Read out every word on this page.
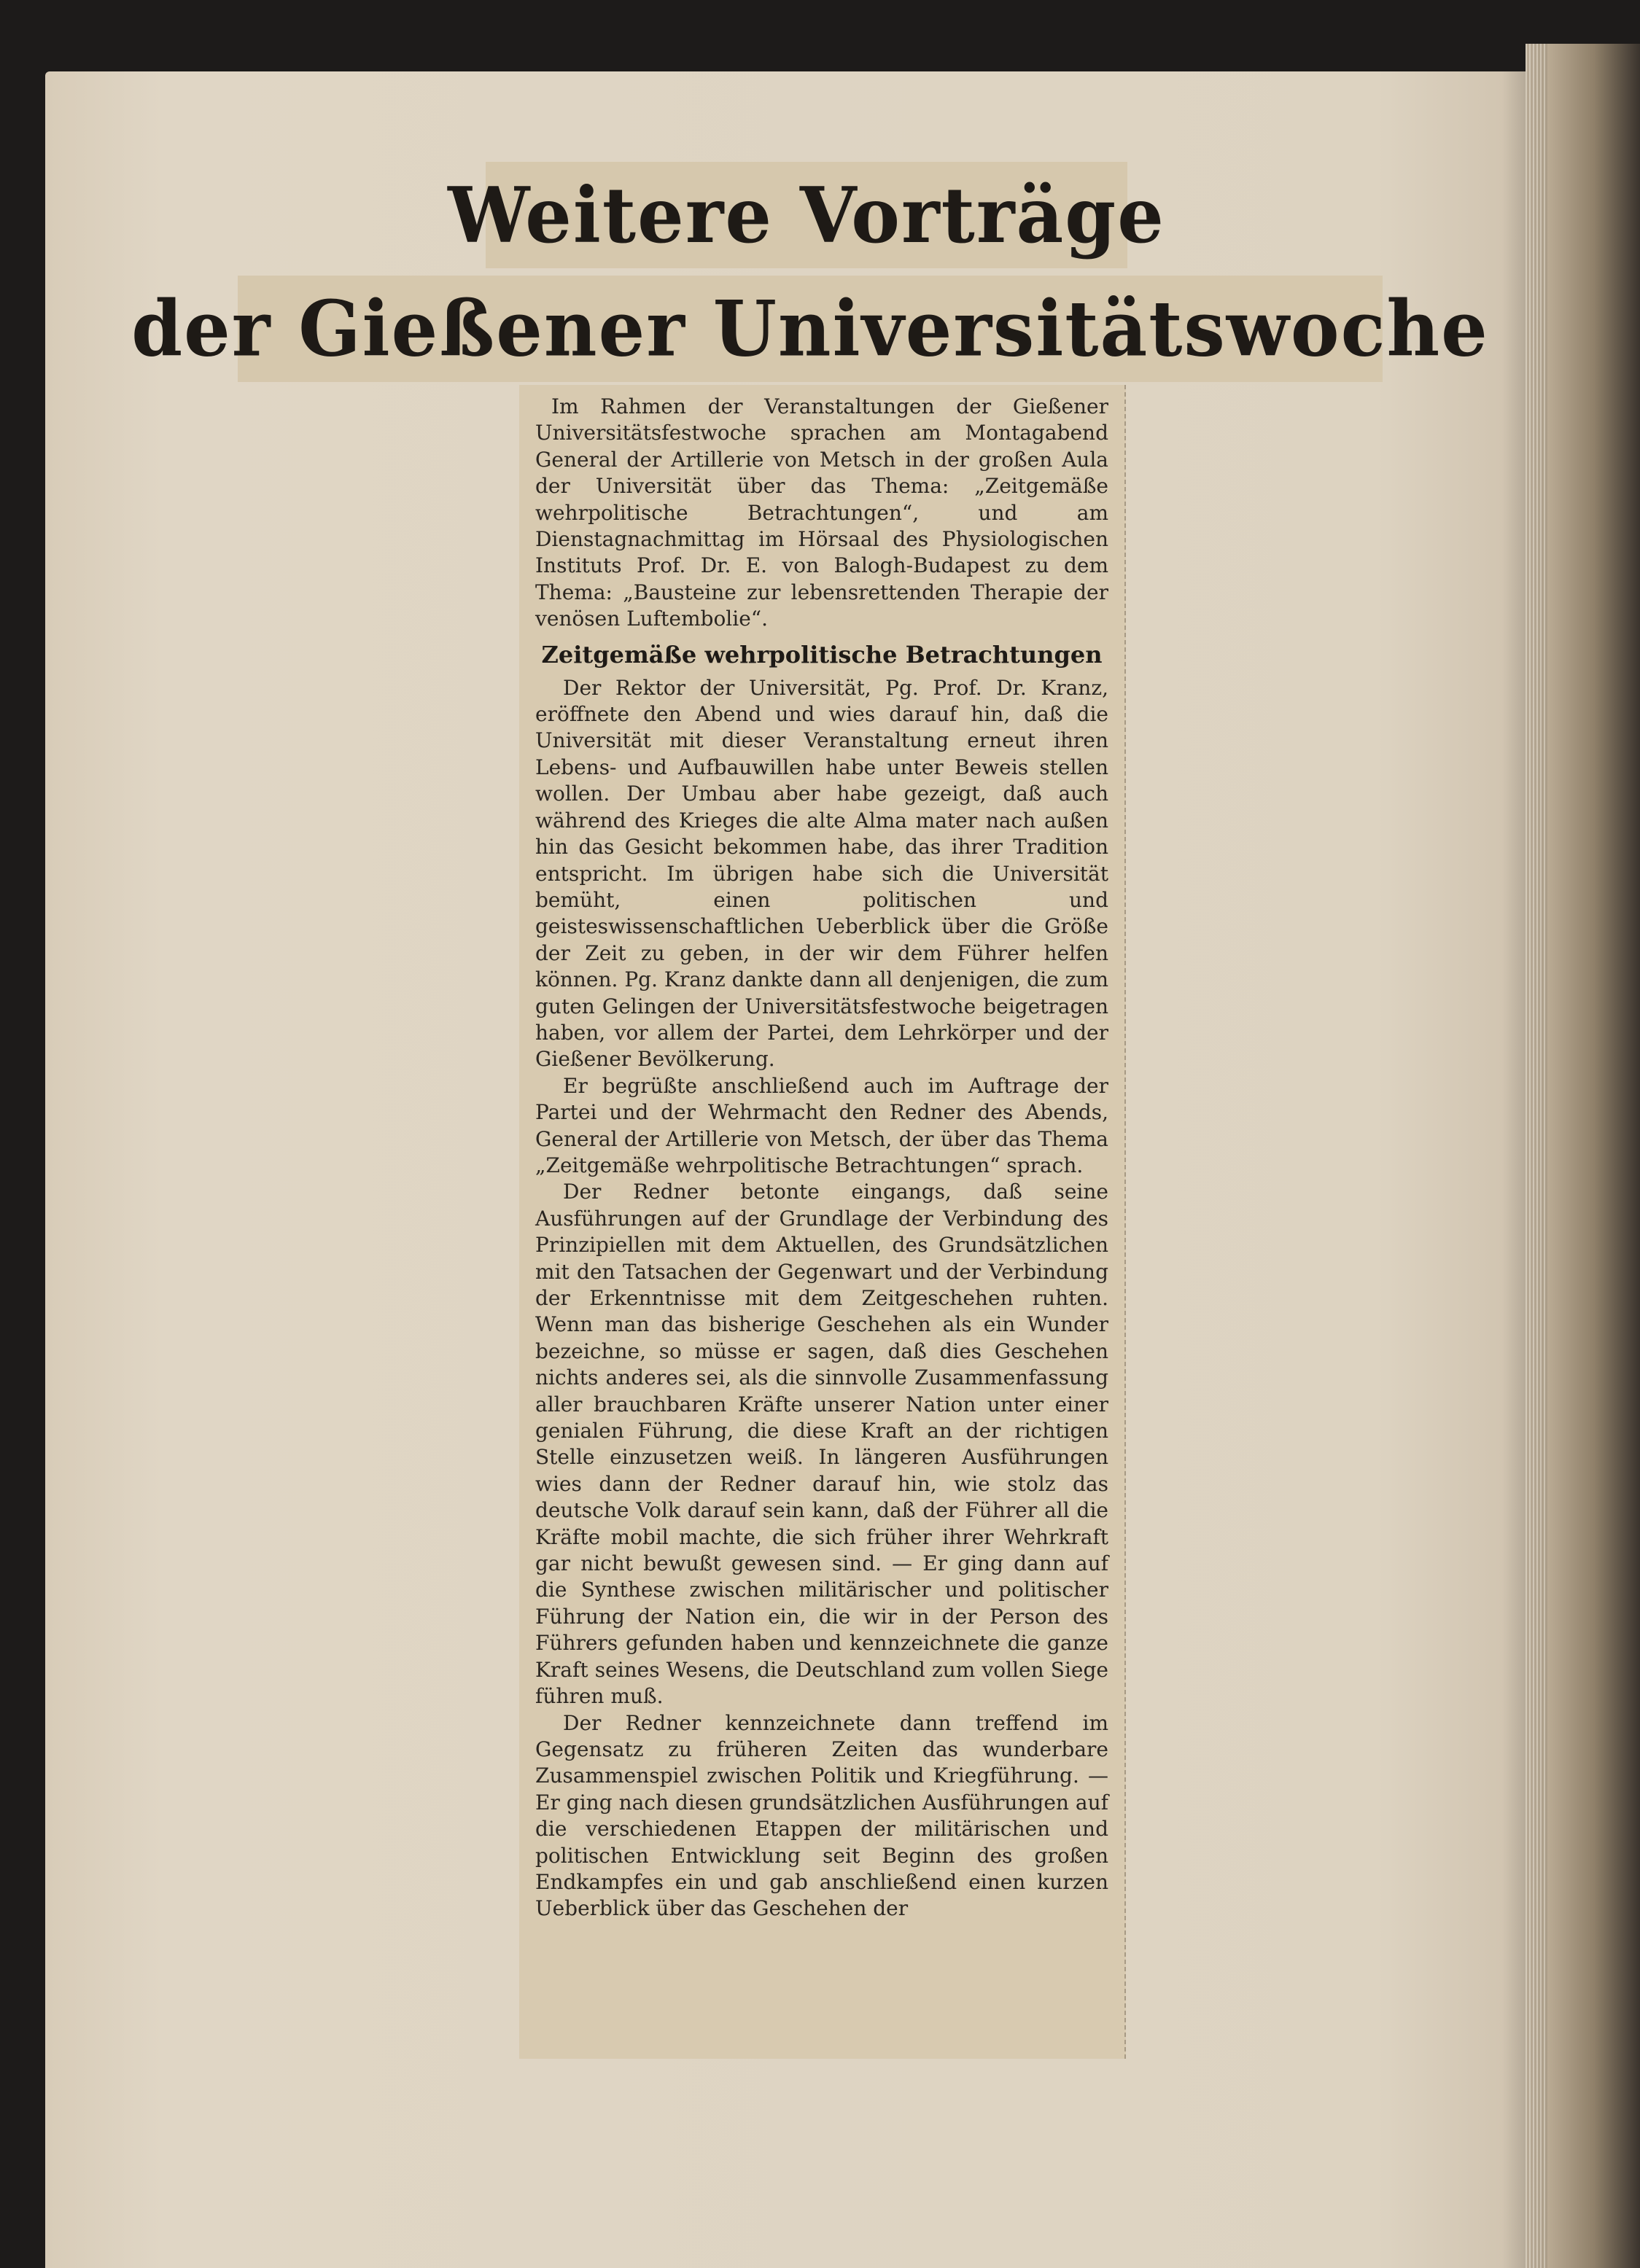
Weitere Vorträge
der Gießener Universitätswoche

Im Rahmen der Veranstaltungen der Gießener Universitätsfestwoche sprachen am Montagabend General der Artillerie von Metsch in der großen Aula der Universität über das Thema: „Zeitgemäße wehrpolitische Betrachtungen“, und am Dienstagnachmittag im Hörsaal des Physiologischen Instituts Prof. Dr. E. von Balogh-Budapest zu dem Thema: „Bausteine zur lebensrettenden Therapie der venösen Luftembolie“.

Zeitgemäße wehrpolitische Betrachtungen

Der Rektor der Universität, Pg. Prof. Dr. Kranz, eröffnete den Abend und wies darauf hin, daß die Universität mit dieser Veranstaltung erneut ihren Lebens- und Aufbauwillen habe unter Beweis stellen wollen. Der Umbau aber habe gezeigt, daß auch während des Krieges die alte Alma mater nach außen hin das Gesicht bekommen habe, das ihrer Tradition entspricht. Im übrigen habe sich die Universität bemüht, einen politischen und geisteswissenschaftlichen Ueberblick über die Größe der Zeit zu geben, in der wir dem Führer helfen können. Pg. Kranz dankte dann all denjenigen, die zum guten Gelingen der Universitätsfestwoche beigetragen haben, vor allem der Partei, dem Lehrkörper und der Gießener Bevölkerung.

Er begrüßte anschließend auch im Auftrage der Partei und der Wehrmacht den Redner des Abends, General der Artillerie von Metsch, der über das Thema „Zeitgemäße wehrpolitische Betrachtungen“ sprach.

Der Redner betonte eingangs, daß seine Ausführungen auf der Grundlage der Verbindung des Prinzipiellen mit dem Aktuellen, des Grundsätzlichen mit den Tatsachen der Gegenwart und der Verbindung der Erkenntnisse mit dem Zeitgeschehen ruhten. Wenn man das bisherige Geschehen als ein Wunder bezeichne, so müsse er sagen, daß dies Geschehen nichts anderes sei, als die sinnvolle Zusammenfassung aller brauchbaren Kräfte unserer Nation unter einer genialen Führung, die diese Kraft an der richtigen Stelle einzusetzen weiß. In längeren Ausführungen wies dann der Redner darauf hin, wie stolz das deutsche Volk darauf sein kann, daß der Führer all die Kräfte mobil machte, die sich früher ihrer Wehrkraft gar nicht bewußt gewesen sind. — Er ging dann auf die Synthese zwischen militärischer und politischer Führung der Nation ein, die wir in der Person des Führers gefunden haben und kennzeichnete die ganze Kraft seines Wesens, die Deutschland zum vollen Siege führen muß.

Der Redner kennzeichnete dann treffend im Gegensatz zu früheren Zeiten das wunderbare Zusammenspiel zwischen Politik und Kriegführung. — Er ging nach diesen grundsätzlichen Ausführungen auf die verschiedenen Etappen der militärischen und politischen Entwicklung seit Beginn des großen Endkampfes ein und gab anschließend einen kurzen Ueberblick über das Geschehen der
